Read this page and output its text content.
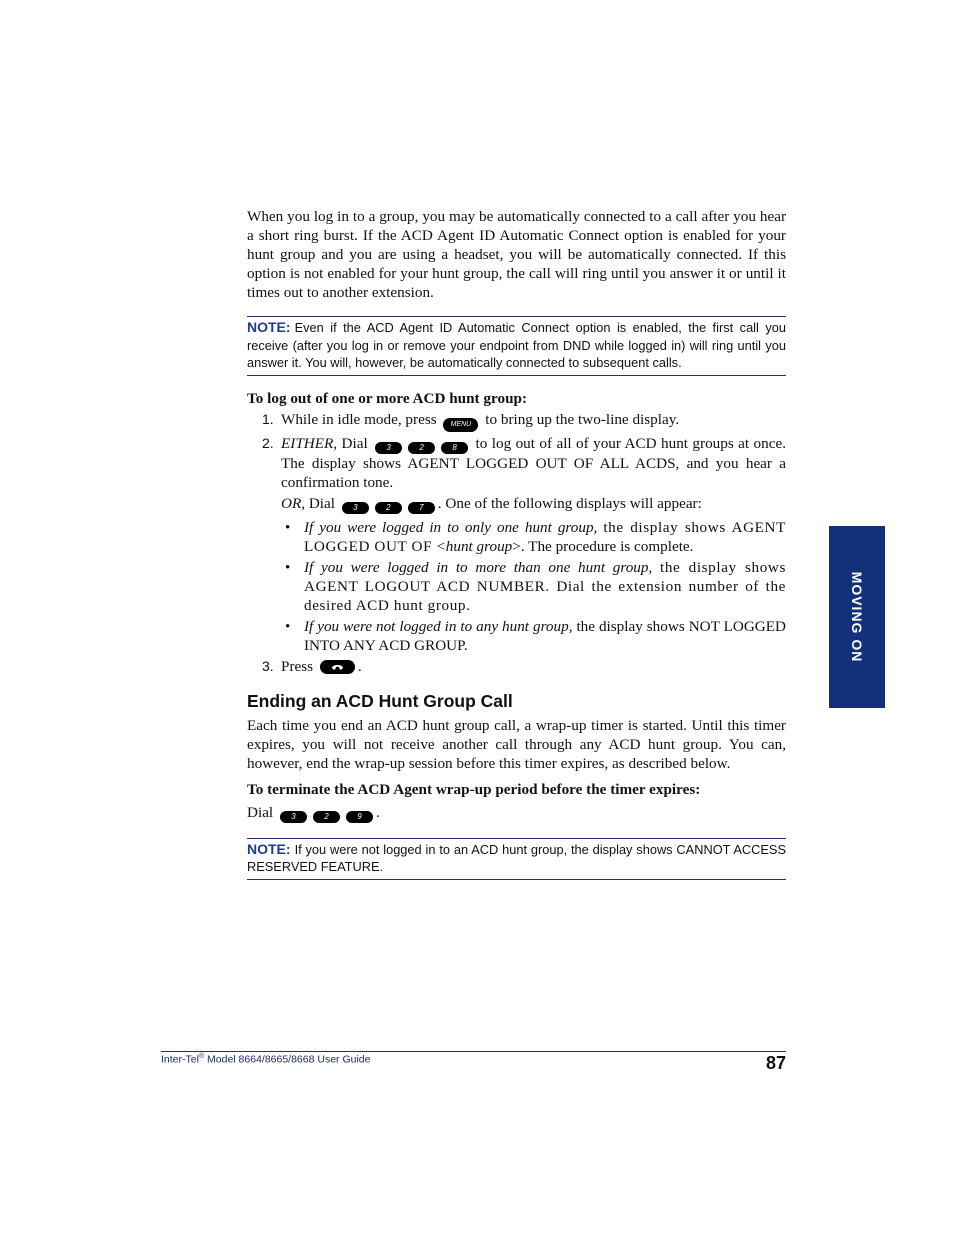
When you log in to a group, you may be automatically connected to a call after you hear a short ring burst. If the ACD Agent ID Automatic Connect option is enabled for your hunt group and you are using a headset, you will be automatically connected. If this option is not enabled for your hunt group, the call will ring until you answer it or until it times out to another extension.

NOTE: Even if the ACD Agent ID Automatic Connect option is enabled, the first call you receive (after you log in or remove your endpoint from DND while logged in) will ring until you answer it. You will, however, be automatically connected to subsequent calls.

To log out of one or more ACD hunt group:

1. While in idle mode, press MENU to bring up the two-line display.
2. EITHER, Dial 3	2	8 to log out of all of your ACD hunt groups at once. The display shows AGENT LOGGED OUT OF ALL ACDS, and you hear a confirmation tone.

OR, Dial 3	2	7 . One of the following displays will appear:

• If you were logged in to only one hunt group, the display shows AGENT LOGGED OUT OF <hunt group>. The procedure is complete.
• If you were logged in to more than one hunt group, the display shows AGENT LOGOUT ACD NUMBER. Dial the extension number of the desired ACD hunt group.
• If you were not logged in to any hunt group, the display shows NOT LOGGED INTO ANY ACD GROUP.
3. Press	.
Ending an ACD Hunt Group Call

Each time you end an ACD hunt group call, a wrap-up timer is started. Until this timer expires, you will not receive another call through any ACD hunt group. You can, however, end the wrap-up session before this timer expires, as described below.

To terminate the ACD Agent wrap-up period before the timer expires:

Dial 3	2	9 .

NOTE: If you were not logged in to an ACD hunt group, the display shows CANNOT ACCESS RESERVED FEATURE.
MOVING ON
Inter-Tel® Model 8664/8665/8668 User Guide	87
